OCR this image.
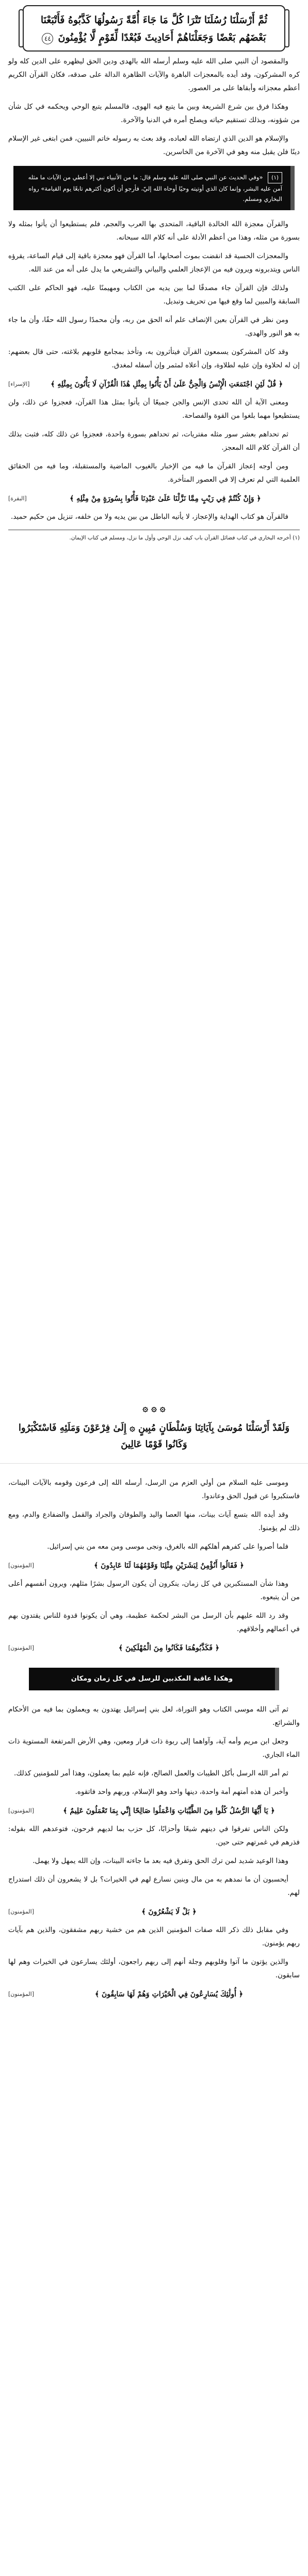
ثُمَّ أَرْسَلْنَا رُسُلَنَا تَتْرَا كُلَّ مَا جَاءَ أُمَّةً رَسُولُهَا كَذَّبُوهُ فَأَتْبَعْنَا بَعْضَهُم بَعْضًا وَجَعَلْنَاهُمْ أَحَادِيثَ فَبُعْدًا لِّقَوْمٍ لَّا يُؤْمِنُونَ ٤٤

والمقصود أن النبي صلى الله عليه وسلم أرسله الله بالهدى ودين الحق ليظهره على الدين كله ولو كره المشركون، وقد أيده بالمعجزات الباهرة والآيات الظاهرة الدالة على صدقه، فكان القرآن الكريم أعظم معجزاته وأبقاها على مر العصور.

وهكذا فرق بين شرع الشريعة وبين ما يتبع فيه الهوى، فالمسلم يتبع الوحي ويحكمه في كل شأن من شؤونه، وبذلك تستقيم حياته ويصلح أمره في الدنيا والآخرة.

والإسلام هو الدين الذي ارتضاه الله لعباده، وقد بعث به رسوله خاتم النبيين، فمن ابتغى غير الإسلام دينًا فلن يقبل منه وهو في الآخرة من الخاسرين.

(١) «وفي الحديث عن النبي صلى الله عليه وسلم قال: ما من الأنبياء نبي إلا أعطي من الآيات ما مثله آمن عليه البشر، وإنما كان الذي أوتيته وحيًا أوحاه الله إليّ، فأرجو أن أكون أكثرهم تابعًا يوم القيامة» رواه البخاري ومسلم.

والقرآن معجزة الله الخالدة الباقية، المتحدى بها العرب والعجم، فلم يستطيعوا أن يأتوا بمثله ولا بسورة من مثله، وهذا من أعظم الأدلة على أنه كلام الله سبحانه.

والمعجزات الحسية قد انقضت بموت أصحابها، أما القرآن فهو معجزة باقية إلى قيام الساعة، يقرؤه الناس ويتدبرونه ويرون فيه من الإعجاز العلمي والبياني والتشريعي ما يدل على أنه من عند الله.

ولذلك فإن القرآن جاء مصدقًا لما بين يديه من الكتاب ومهيمنًا عليه، فهو الحاكم على الكتب السابقة والمبين لما وقع فيها من تحريف وتبديل.

ومن نظر في القرآن بعين الإنصاف علم أنه الحق من ربه، وأن محمدًا رسول الله حقًا، وأن ما جاء به هو النور والهدى.

وقد كان المشركون يسمعون القرآن فيتأثرون به، وتأخذ بمجامع قلوبهم بلاغته، حتى قال بعضهم: إن له لحلاوة وإن عليه لطلاوة، وإن أعلاه لمثمر وإن أسفله لمغدق.

﴿ قُلْ لَئِنِ اجْتَمَعَتِ الْإِنْسُ وَالْجِنُّ عَلَىٰ أَنْ يَأْتُوا بِمِثْلِ هَٰذَا الْقُرْآنِ لَا يَأْتُونَ بِمِثْلِهِ ﴾
[الإسراء]

ومعنى الآية أن الله تحدى الإنس والجن جميعًا أن يأتوا بمثل هذا القرآن، فعجزوا عن ذلك، ولن يستطيعوا مهما بلغوا من القوة والفصاحة.

ثم تحداهم بعشر سور مثله مفتريات، ثم تحداهم بسورة واحدة، فعجزوا عن ذلك كله، فثبت بذلك أن القرآن كلام الله المعجز.

ومن أوجه إعجاز القرآن ما فيه من الإخبار بالغيوب الماضية والمستقبلة، وما فيه من الحقائق العلمية التي لم تعرف إلا في العصور المتأخرة.

﴿ وَإِنْ كُنْتُمْ فِي رَيْبٍ مِمَّا نَزَّلْنَا عَلَىٰ عَبْدِنَا فَأْتُوا بِسُورَةٍ مِنْ مِثْلِهِ ﴾
[البقرة]

فالقرآن هو كتاب الهداية والإعجاز، لا يأتيه الباطل من بين يديه ولا من خلفه، تنزيل من حكيم حميد.

(١) أخرجه البخاري في كتاب فضائل القرآن باب كيف نزل الوحي وأول ما نزل، ومسلم في كتاب الإيمان.
۞ ۞ ۞
وَلَقَدْ أَرْسَلْنَا مُوسَىٰ بِآيَاتِنَا وَسُلْطَانٍ مُبِينٍ ۞ إِلَىٰ فِرْعَوْنَ وَمَلَئِهِ فَاسْتَكْبَرُوا وَكَانُوا قَوْمًا عَالِينَ

وموسى عليه السلام من أولي العزم من الرسل، أرسله الله إلى فرعون وقومه بالآيات البينات، فاستكبروا عن قبول الحق وعاندوا.

وقد أيده الله بتسع آيات بينات، منها العصا واليد والطوفان والجراد والقمل والضفادع والدم، ومع ذلك لم يؤمنوا.

فلما أصروا على كفرهم أهلكهم الله بالغرق، ونجى موسى ومن معه من بني إسرائيل.

﴿ فَقَالُوا أَنُؤْمِنُ لِبَشَرَيْنِ مِثْلِنَا وَقَوْمُهُمَا لَنَا عَابِدُونَ ﴾
[المؤمنون]

وهذا شأن المستكبرين في كل زمان، ينكرون أن يكون الرسول بشرًا مثلهم، ويرون أنفسهم أعلى من أن يتبعوه.

وقد رد الله عليهم بأن الرسل من البشر لحكمة عظيمة، وهي أن يكونوا قدوة للناس يقتدون بهم في أعمالهم وأخلاقهم.

﴿ فَكَذَّبُوهُمَا فَكَانُوا مِنَ الْمُهْلَكِينَ ﴾
[المؤمنون]
وهكذا عاقبة المكذبين للرسل في كل زمان ومكان

ثم آتى الله موسى الكتاب وهو التوراة، لعل بني إسرائيل يهتدون به ويعملون بما فيه من الأحكام والشرائع.

وجعل ابن مريم وأمه آية، وآواهما إلى ربوة ذات قرار ومعين، وهي الأرض المرتفعة المستوية ذات الماء الجاري.

ثم أمر الله الرسل بأكل الطيبات والعمل الصالح، فإنه عليم بما يعملون، وهذا أمر للمؤمنين كذلك.

وأخبر أن هذه أمتهم أمة واحدة، دينها واحد وهو الإسلام، وربهم واحد فاتقوه.

﴿ يَا أَيُّهَا الرُّسُلُ كُلُوا مِنَ الطَّيِّبَاتِ وَاعْمَلُوا صَالِحًا إِنِّي بِمَا تَعْمَلُونَ عَلِيمٌ ﴾
[المؤمنون]

ولكن الناس تفرقوا في دينهم شيعًا وأحزابًا، كل حزب بما لديهم فرحون، فتوعدهم الله بقوله: فذرهم في غمرتهم حتى حين.

وهذا الوعيد شديد لمن ترك الحق وتفرق فيه بعد ما جاءته البينات، وإن الله يمهل ولا يهمل.

أيحسبون أن ما نمدهم به من مال وبنين نسارع لهم في الخيرات؟ بل لا يشعرون أن ذلك استدراج لهم.

﴿ بَلْ لَا يَشْعُرُونَ ﴾
[المؤمنون]

وفي مقابل ذلك ذكر الله صفات المؤمنين الذين هم من خشية ربهم مشفقون، والذين هم بآيات ربهم يؤمنون.

والذين يؤتون ما آتوا وقلوبهم وجلة أنهم إلى ربهم راجعون، أولئك يسارعون في الخيرات وهم لها سابقون.

﴿ أُولَٰئِكَ يُسَارِعُونَ فِي الْخَيْرَاتِ وَهُمْ لَهَا سَابِقُونَ ﴾
[المؤمنون]
